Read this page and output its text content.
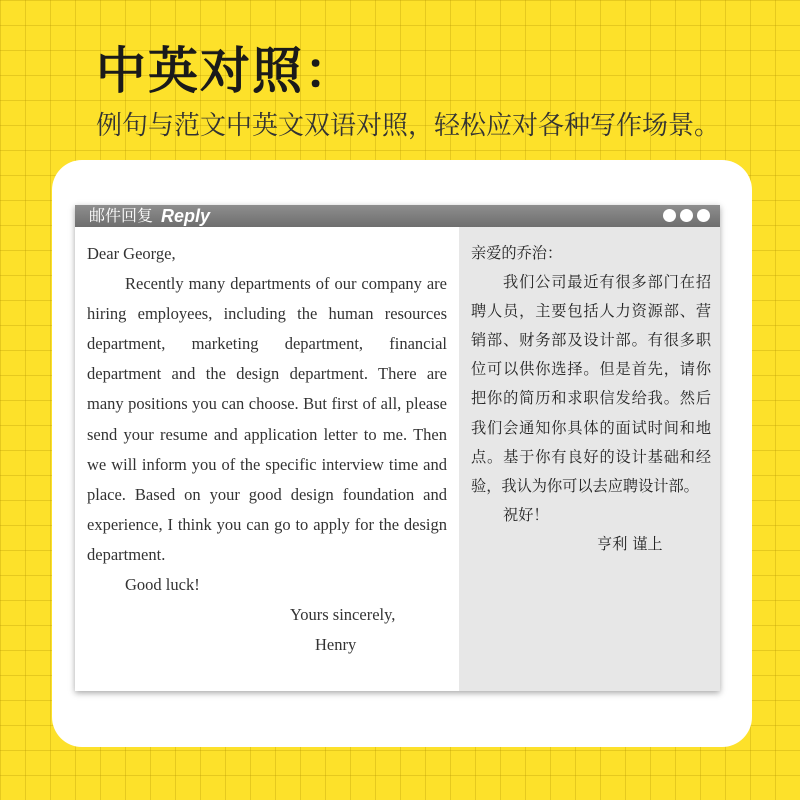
中英对照：
例句与范文中英文双语对照，轻松应对各种写作场景。
邮件回复 Reply

Dear George,

Recently many departments of our company are hiring employees, including the human resources department, marketing department, financial department and the design department. There are many positions you can choose. But first of all, please send your resume and application letter to me. Then we will inform you of the specific interview time and place. Based on your good design foundation and experience, I think you can go to apply for the design department.

Good luck!

Yours sincerely,

Henry

亲爱的乔治：

我们公司最近有很多部门在招聘人员，主要包括人力资源部、营销部、财务部及设计部。有很多职位可以供你选择。但是首先，请你把你的简历和求职信发给我。然后我们会通知你具体的面试时间和地点。基于你有良好的设计基础和经验，我认为你可以去应聘设计部。

祝好！

亨利 谨上
